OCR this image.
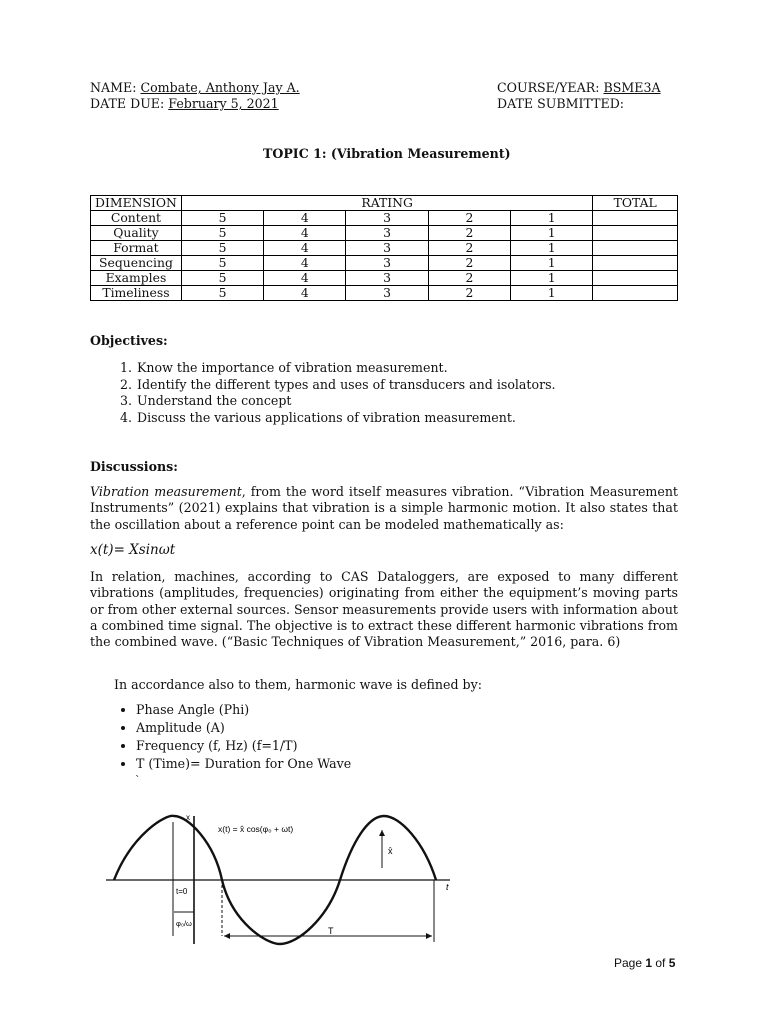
NAME: Combate, Anthony Jay A.
DATE DUE: February 5, 2021
COURSE/YEAR: BSME3A
DATE SUBMITTED:
TOPIC 1: (Vibration Measurement)
DIMENSION	RATING					TOTAL
Content	5	4	3	2	1	
Quality	5	4	3	2	1	
Format	5	4	3	2	1	
Sequencing	5	4	3	2	1	
Examples	5	4	3	2	1	
Timeliness	5	4	3	2	1	
Objectives:
1. Know the importance of vibration measurement.
2. Identify the different types and uses of transducers and isolators.
3. Understand the concept
4. Discuss the various applications of vibration measurement.
Discussions:
Vibration measurement, from the word itself measures vibration. “Vibration Measurement Instruments” (2021) explains that vibration is a simple harmonic motion. It also states that the oscillation about a reference point can be modeled mathematically as:
x(t)= Xsinωt
In relation, machines, according to CAS Dataloggers, are exposed to many different vibrations (amplitudes, frequencies) originating from either the equipment’s moving parts or from other external sources. Sensor measurements provide users with information about a combined time signal. The objective is to extract these different harmonic vibrations from the combined wave. (“Basic Techniques of Vibration Measurement,” 2016, para. 6)
In accordance also to them, harmonic wave is defined by:
• Phase Angle (Phi)
• Amplitude (A)
• Frequency (f, Hz) (f=1/T)
• T (Time)= Duration for One Wave
`
x
t
x(t) = x̂ cos(φ₀ + ωt)
t=0
φ₀/ω
T
x̂
Page 1 of 5
